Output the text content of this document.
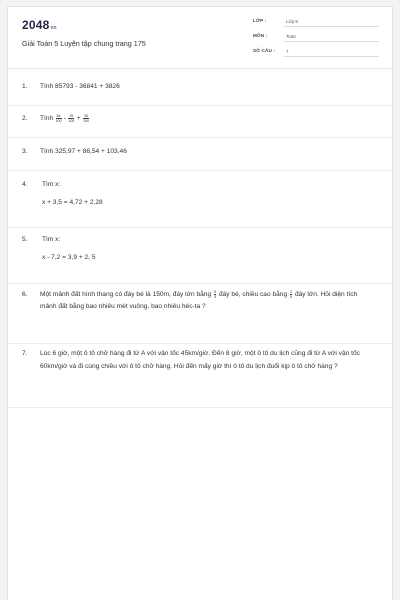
2048vn
Giải Toán 5 Luyện tập chung trang 175
LỚP :	Lớp 5
MÔN :	Toán
SỐ CÂU :	7
1. Tính 85793 - 36841 + 3826
2. Tính $\frac{84}{100} - \frac{29}{100} + \frac{30}{100}$
3. Tính 325,97 + 86,54 + 103,46
4. Tìm x:
x + 3,5 = 4,72 + 2,28
5. Tìm x:
x - 7,2 = 3,9 + 2, 5
6. Một mảnh đất hình thang có đáy bé là 150m, đáy lớn bằng $\frac{5}{3}$ đáy bé, chiều cao bằng $\frac{2}{5}$ đáy lớn. Hỏi diện tích mảnh đất bằng bao nhiêu mét vuông, bao nhiêu héc-ta ?
7. Lúc 6 giờ, một ô tô chở hàng đi từ A với vận tốc 45km/giờ. Đến 8 giờ, một ô tô du lịch cũng đi từ A với vận tốc 60km/giờ và đi cùng chiều với ô tô chở hàng. Hỏi đến mấy giờ thì ô tô du lịch đuổi kịp ô tô chở hàng ?
